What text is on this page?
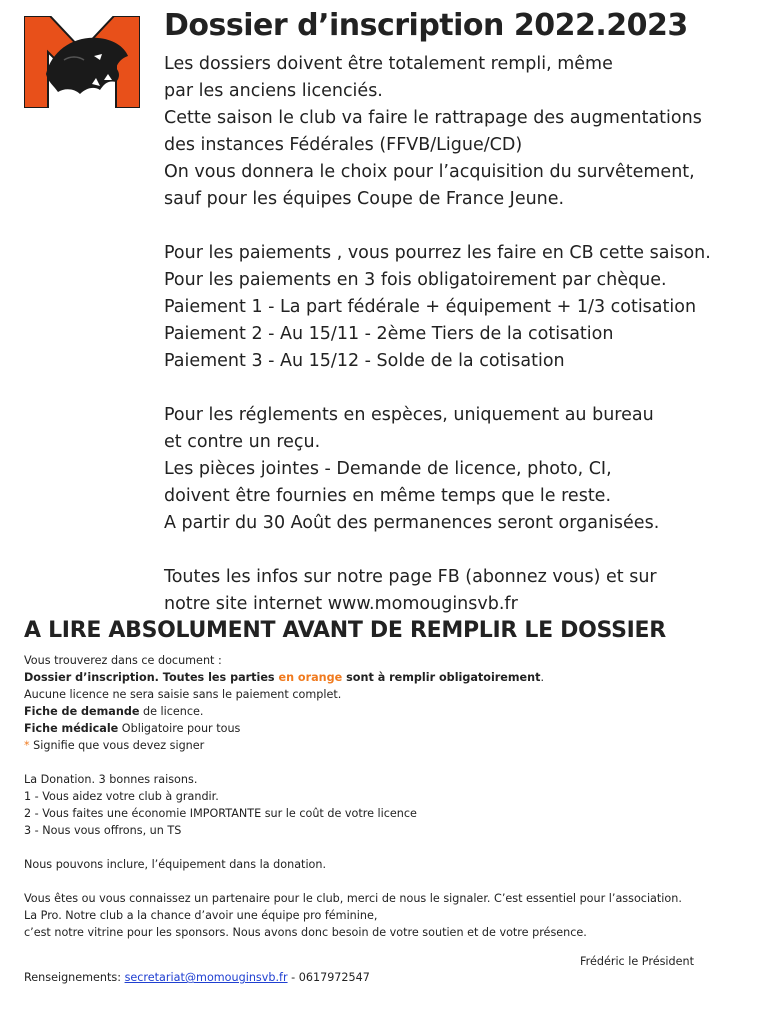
Dossier d’inscription 2022.2023
Les dossiers doivent être totalement rempli, même
par les anciens licenciés.
Cette saison le club va faire le rattrapage des augmentations
des instances Fédérales (FFVB/Ligue/CD)
On vous donnera le choix pour l’acquisition du survêtement,
sauf pour les équipes Coupe de France Jeune.
Pour les paiements , vous pourrez les faire en CB cette saison.
Pour les paiements en 3 fois obligatoirement par chèque.
Paiement 1 - La part fédérale + équipement + 1/3 cotisation
Paiement 2 - Au 15/11 - 2ème Tiers de la cotisation
Paiement 3 - Au 15/12 - Solde de la cotisation
Pour les réglements en espèces, uniquement au bureau
et contre un reçu.
Les pièces jointes - Demande de licence, photo, CI,
doivent être fournies en même temps que le reste.
A partir du 30 Août des permanences seront organisées.
Toutes les infos sur notre page FB (abonnez vous) et sur
notre site internet www.momouginsvb.fr
A LIRE ABSOLUMENT AVANT DE REMPLIR LE DOSSIER
Vous trouverez dans ce document :
Dossier d’inscription. Toutes les parties en orange sont à remplir obligatoirement.
Aucune licence ne sera saisie sans le paiement complet.
Fiche de demande de licence.
Fiche médicale Obligatoire pour tous
* Signifie que vous devez signer
La Donation. 3 bonnes raisons.
1 - Vous aidez votre club à grandir.
2 - Vous faites une économie IMPORTANTE sur le coût de votre licence
3 - Nous vous offrons, un TS
Nous pouvons inclure, l’équipement dans la donation.
Vous êtes ou vous connaissez un partenaire pour le club, merci de nous le signaler. C’est essentiel pour l’association.
La Pro. Notre club a la chance d’avoir une équipe pro féminine,
c’est notre vitrine pour les sponsors. Nous avons donc besoin de votre soutien et de votre présence.
Frédéric le Président
Renseignements: secretariat@momouginsvb.fr - 0617972547
